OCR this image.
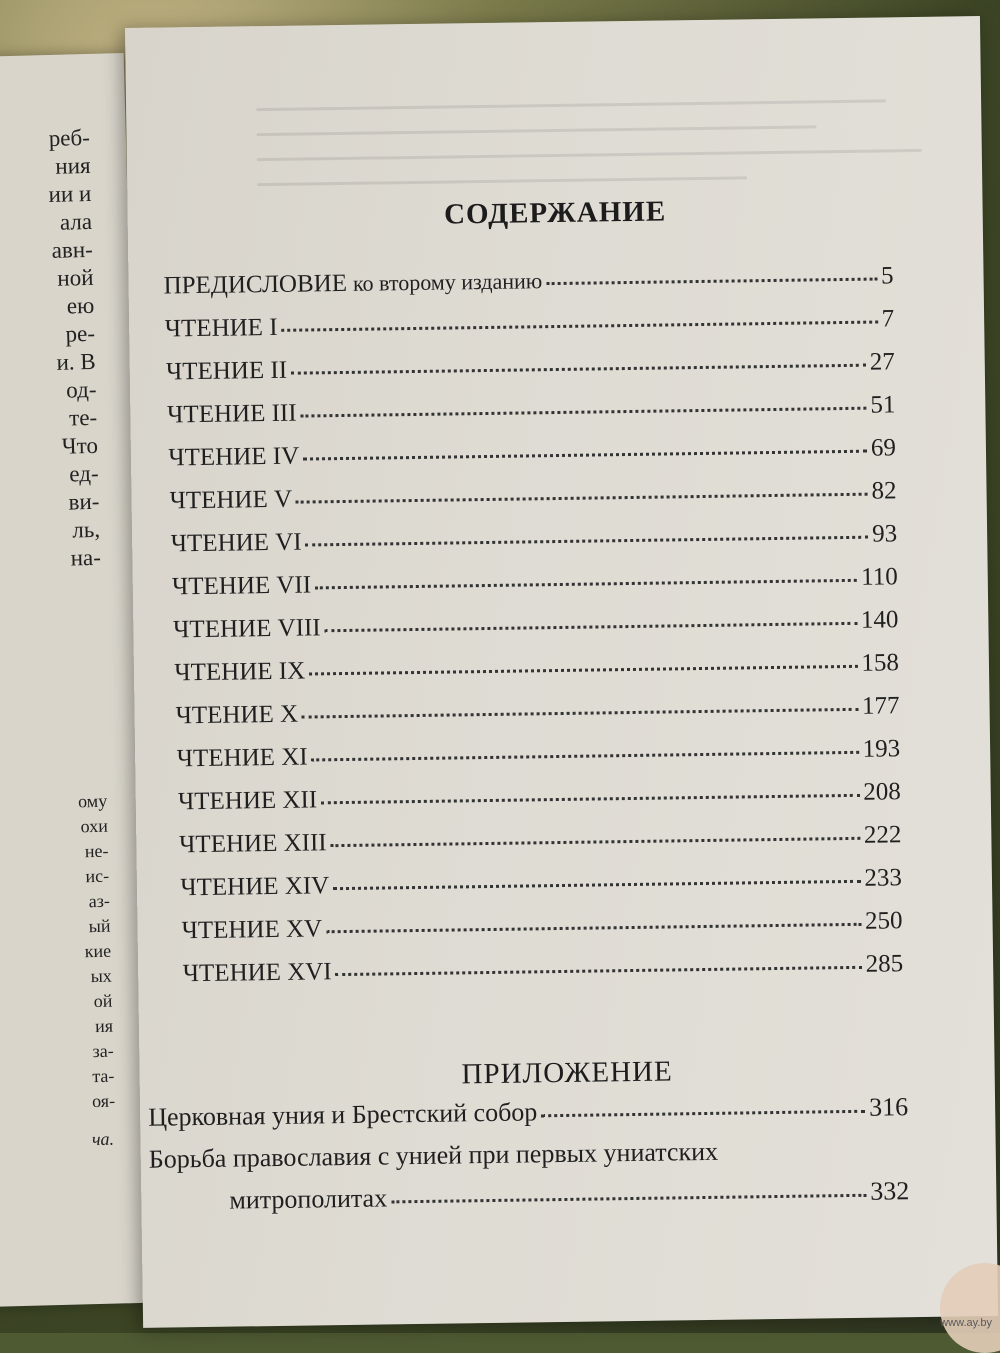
реб-
ния
ии и
ала
авн-
ной
ею
ре-
и. В
од-
те-
Что
ед-
ви-
ль,
на-
ому
охи
не-
ис-
аз-
ый
кие
ых
ой
ия
за-
та-
оя-
ча.
СОДЕРЖАНИЕ
ПРЕДИСЛОВИЕ ко второму изданию	5
ЧТЕНИЕ I	7
ЧТЕНИЕ II	27
ЧТЕНИЕ III	51
ЧТЕНИЕ IV	69
ЧТЕНИЕ V	82
ЧТЕНИЕ VI	93
ЧТЕНИЕ VII	110
ЧТЕНИЕ VIII	140
ЧТЕНИЕ IX	158
ЧТЕНИЕ X	177
ЧТЕНИЕ XI	193
ЧТЕНИЕ XII	208
ЧТЕНИЕ XIII	222
ЧТЕНИЕ XIV	233
ЧТЕНИЕ XV	250
ЧТЕНИЕ XVI	285
ПРИЛОЖЕНИЕ
Церковная уния и Брестский собор	316
Борьба православия с унией при первых униатских
митрополитах	332
www.ay.by
